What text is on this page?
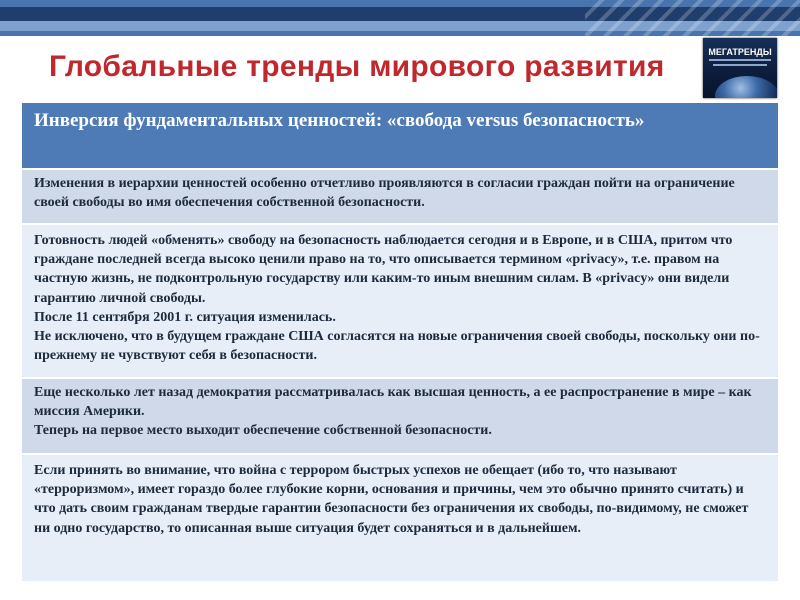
Глобальные тренды мирового развития	МЕГАТРЕНДЫ
Инверсия фундаментальных ценностей: «свобода versus безопасность»

Изменения в иерархии ценностей особенно отчетливо проявляются в согласии граждан пойти на ограничение своей свободы во имя обеспечения собственной безопасности.

Готовность людей «обменять» свободу на безопасность наблюдается сегодня и в Европе, и в США, притом что граждане последней всегда высоко ценили право на то, что описывается термином «privacy», т.е. правом на частную жизнь, не подконтрольную государству или каким-то иным внешним силам. В «privacy» они видели гарантию личной свободы.

После 11 сентября 2001 г. ситуация изменилась.

Не исключено, что в будущем граждане США согласятся на новые ограничения своей свободы, поскольку они по-прежнему не чувствуют себя в безопасности.

Еще несколько лет назад демократия рассматривалась как высшая ценность, а ее распространение в мире – как миссия Америки.

Теперь на первое место выходит обеспечение собственной безопасности.

Если принять во внимание, что война с террором быстрых успехов не обещает (ибо то, что называют «терроризмом», имеет гораздо более глубокие корни, основания и причины, чем это обычно принято считать) и что дать своим гражданам твердые гарантии безопасности без ограничения их свободы, по-видимому, не сможет ни одно государство, то описанная выше ситуация будет сохраняться и в дальнейшем.
